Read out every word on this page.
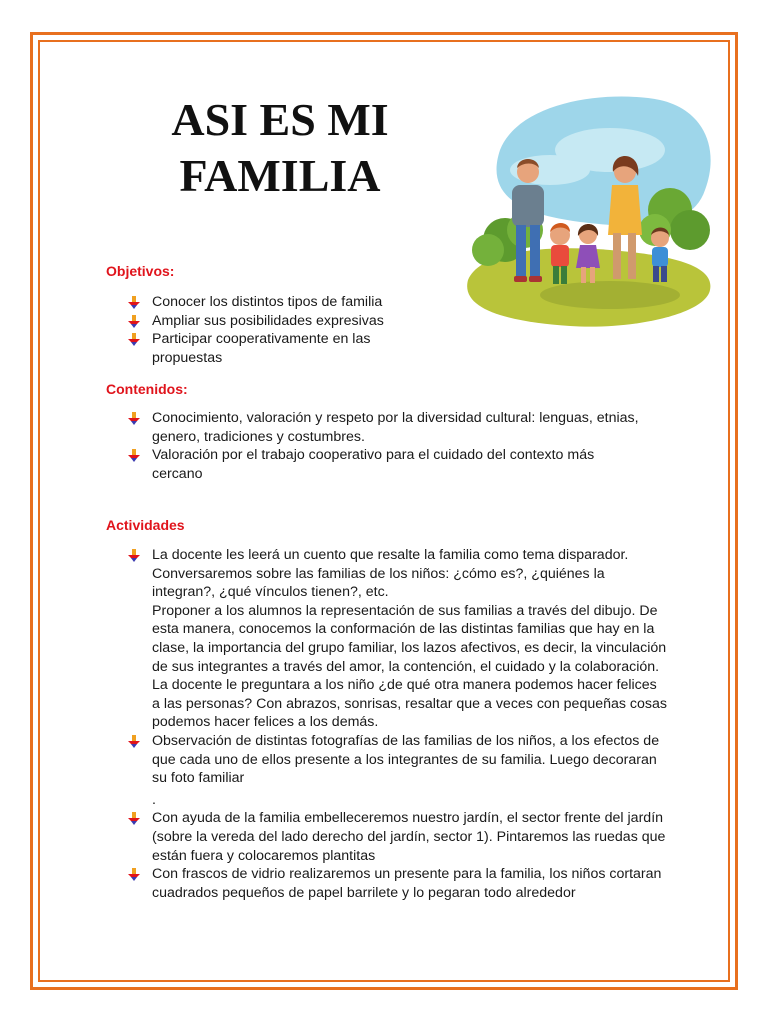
ASI ES MI
FAMILIA
Objetivos:
Conocer los distintos tipos de familia
Ampliar sus posibilidades expresivas
Participar cooperativamente en las propuestas
Contenidos:
Conocimiento, valoración y respeto por la diversidad cultural: lenguas, etnias, genero, tradiciones y costumbres.
Valoración por el trabajo cooperativo para el cuidado del contexto más cercano
Actividades
La docente les leerá un cuento que resalte la familia como tema disparador. Conversaremos sobre las familias de los niños: ¿cómo es?, ¿quiénes la integran?, ¿qué vínculos tienen?, etc.
Proponer a los alumnos la representación de sus familias a través del dibujo. De esta manera, conocemos la conformación de las distintas familias que hay en la clase, la importancia del grupo familiar, los lazos afectivos, es decir, la vinculación de sus integrantes a través del amor, la contención, el cuidado y la colaboración. La docente le preguntara a los niño ¿de qué otra manera podemos hacer felices a las personas? Con abrazos, sonrisas, resaltar que a veces con pequeñas cosas podemos hacer felices a los demás.
Observación de distintas fotografías de las familias de los niños, a los efectos de que cada uno de ellos presente a los integrantes de su familia. Luego decoraran su foto familiar
.
Con ayuda de la familia embelleceremos nuestro jardín, el sector frente del jardín (sobre la vereda del lado derecho del jardín, sector 1). Pintaremos las ruedas que están fuera y colocaremos plantitas
Con frascos de vidrio realizaremos un presente para la familia, los niños cortaran cuadrados pequeños de papel barrilete y lo pegaran todo alrededor
